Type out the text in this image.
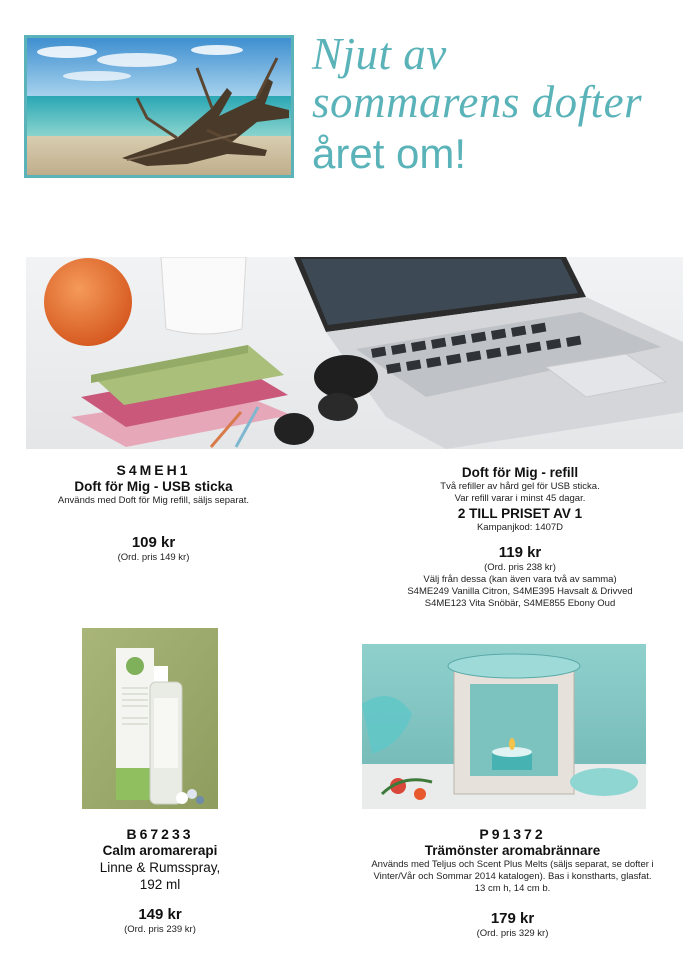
Njut av
sommarens dofter
året om!
S4MEH1
Doft för Mig - USB sticka
Används med Doft för Mig refill, säljs separat.
109 kr
(Ord. pris 149 kr)
Doft för Mig - refill
Två refiller av hård gel för USB sticka.
Var refill varar i minst 45 dagar.
2 TILL PRISET AV 1
Kampanjkod: 1407D
119 kr
(Ord. pris 238 kr)
Välj från dessa (kan även vara två av samma)
S4ME249 Vanilla Citron, S4ME395 Havsalt & Drivved
S4ME123 Vita Snöbär, S4ME855 Ebony Oud
B67233
Calm aromarerapi
Linne & Rumsspray,
192 ml
149 kr
(Ord. pris 239 kr)
P91372
Trämönster aromabrännare
Används med Teljus och Scent Plus Melts (säljs separat, se dofter i
Vinter/Vår och Sommar 2014 katalogen). Bas i konstharts, glasfat.
13 cm h, 14 cm b.
179 kr
(Ord. pris 329 kr)
